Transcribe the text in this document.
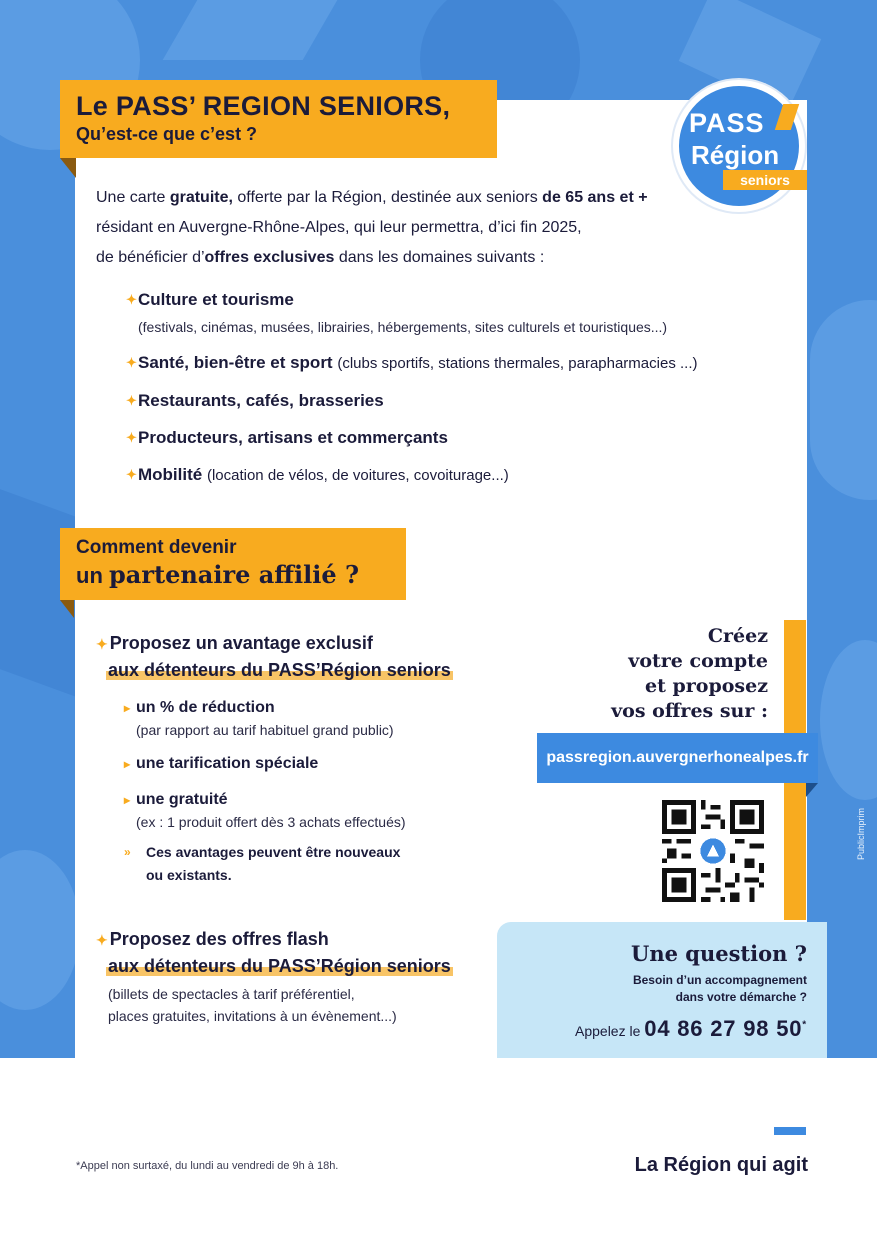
Le PASS’ REGION SENIORS,
Qu’est-ce que c’est ?	PASS
Région
seniors
Une carte gratuite, offerte par la Région, destinée aux seniors de 65 ans et +
résidant en Auvergne-Rhône-Alpes, qui leur permettra, d’ici fin 2025,
de bénéficier d’offres exclusives dans les domaines suivants :
✦ Culture et tourisme
(festivals, cinémas, musées, librairies, hébergements, sites culturels et touristiques...)
✦ Santé, bien-être et sport (clubs sportifs, stations thermales, parapharmacies ...)
✦ Restaurants, cafés, brasseries
✦ Producteurs, artisans et commerçants
✦ Mobilité (location de vélos, de voitures, covoiturage...)
Comment devenir
un partenaire affilié ?
✦ Proposez un avantage exclusif
aux détenteurs du PASS’Région seniors
▸ un % de réduction
(par rapport au tarif habituel grand public)
▸ une tarification spéciale
▸ une gratuité
(ex : 1 produit offert dès 3 achats effectués)
» Ces avantages peuvent être nouveaux
ou existants.
✦ Proposez des offres flash
aux détenteurs du PASS’Région seniors
(billets de spectacles à tarif préférentiel,
places gratuites, invitations à un évènement...)
Créez
votre compte
et proposez
vos offres sur :
passregion.auvergnerhonealpes.fr
Une question ?
Besoin d’un accompagnement
dans votre démarche ?
Appelez le 04 86 27 98 50*
PublicImprim
*Appel non surtaxé, du lundi au vendredi de 9h à 18h.	La Région qui agit
